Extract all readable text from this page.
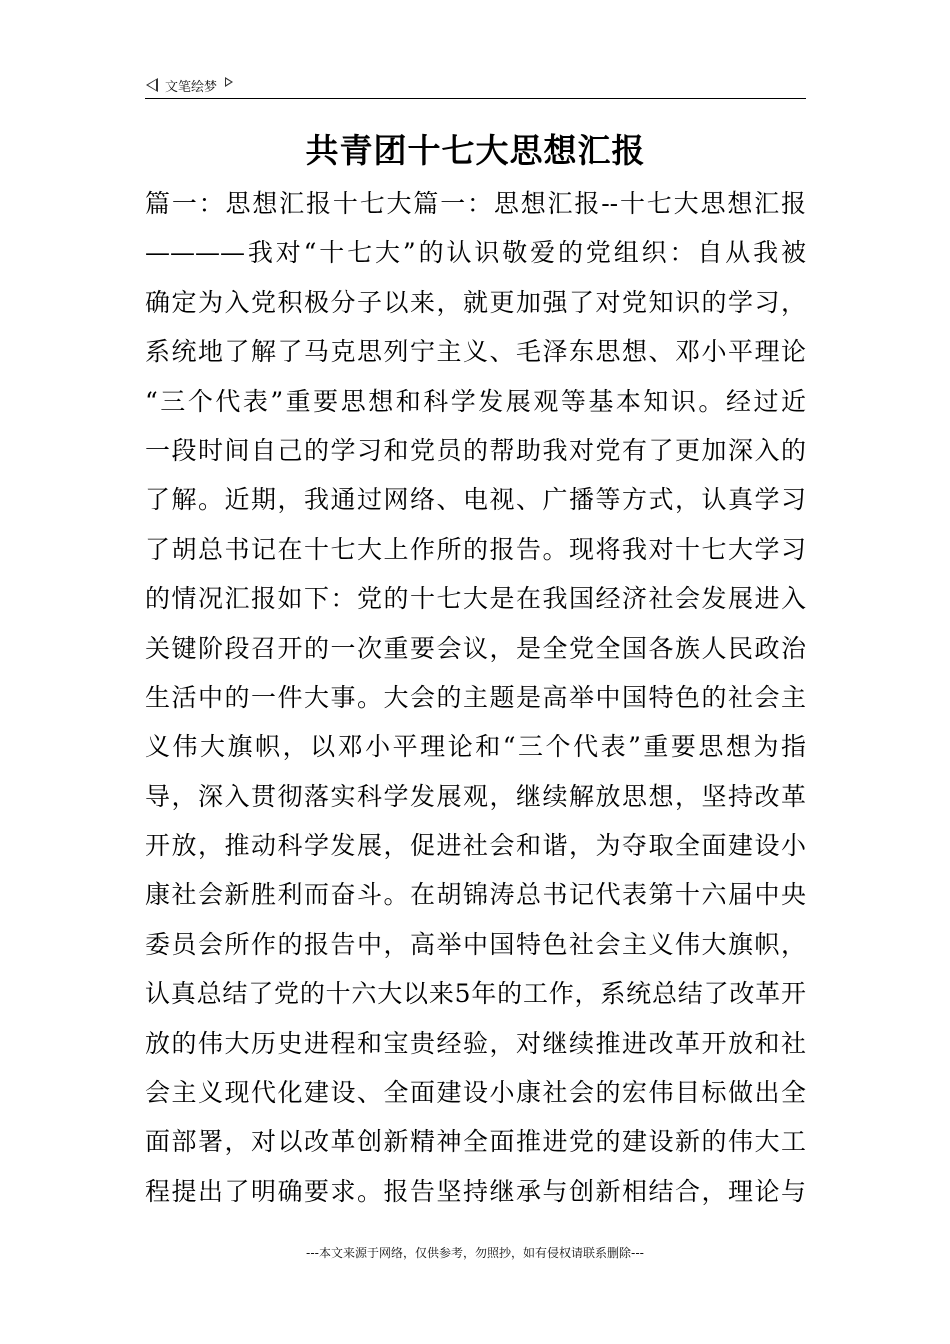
文笔绘梦
共青团十七大思想汇报
篇一：思想汇报十七大篇一：思想汇报--十七大思想汇报
————我对“十七大”的认识敬爱的党组织：自从我被
确定为入党积极分子以来，就更加强了对党知识的学习，
系统地了解了马克思列宁主义、毛泽东思想、邓小平理论
“三个代表”重要思想和科学发展观等基本知识。经过近
一段时间自己的学习和党员的帮助我对党有了更加深入的
了解。近期，我通过网络、电视、广播等方式，认真学习
了胡总书记在十七大上作所的报告。现将我对十七大学习
的情况汇报如下：党的十七大是在我国经济社会发展进入
关键阶段召开的一次重要会议，是全党全国各族人民政治
生活中的一件大事。大会的主题是高举中国特色的社会主
义伟大旗帜，以邓小平理论和“三个代表”重要思想为指
导，深入贯彻落实科学发展观，继续解放思想，坚持改革
开放，推动科学发展，促进社会和谐，为夺取全面建设小
康社会新胜利而奋斗。在胡锦涛总书记代表第十六届中央
委员会所作的报告中，高举中国特色社会主义伟大旗帜，
认真总结了党的十六大以来5年的工作，系统总结了改革开
放的伟大历史进程和宝贵经验，对继续推进改革开放和社
会主义现代化建设、全面建设小康社会的宏伟目标做出全
面部署，对以改革创新精神全面推进党的建设新的伟大工
程提出了明确要求。报告坚持继承与创新相结合，理论与
---本文来源于网络，仅供参考，勿照抄，如有侵权请联系删除---
